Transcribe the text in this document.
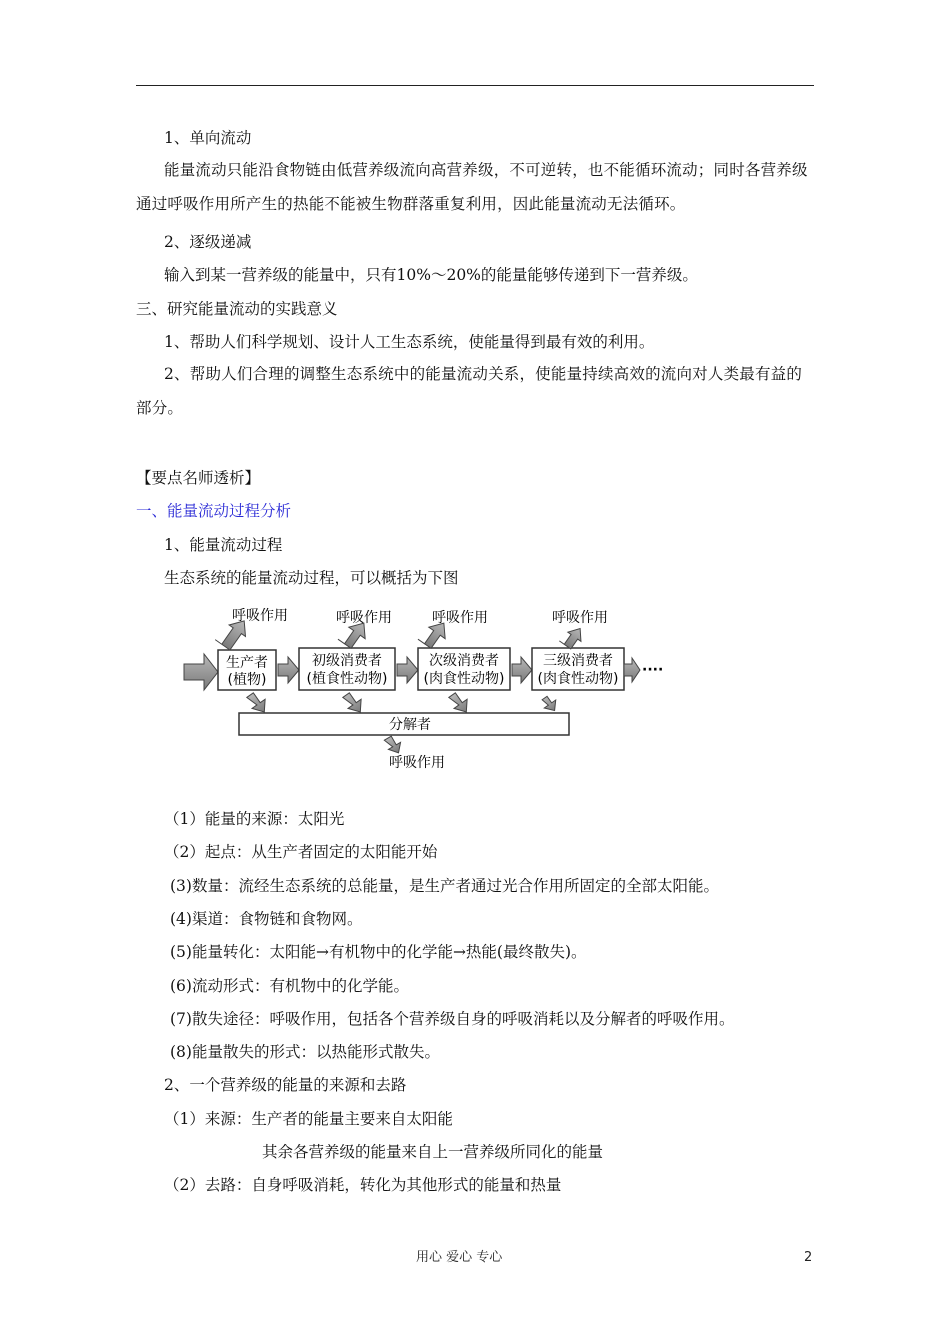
1、单向流动
能量流动只能沿食物链由低营养级流向高营养级，不可逆转，也不能循环流动；同时各营养级通过呼吸作用所产生的热能不能被生物群落重复利用，因此能量流动无法循环。
2、逐级递减
输入到某一营养级的能量中，只有10%～20%的能量能够传递到下一营养级。
三、研究能量流动的实践意义
1、帮助人们科学规划、设计人工生态系统，使能量得到最有效的利用。
2、帮助人们合理的调整生态系统中的能量流动关系，使能量持续高效的流向对人类最有益的部分。
【要点名师透析】
一、能量流动过程分析
1、能量流动过程
生态系统的能量流动过程，可以概括为下图
生产者
(植物)
初级消费者
(植食性动物)
次级消费者
(肉食性动物)
三级消费者
(肉食性动物)
····
呼吸作用	呼吸作用	呼吸作用	呼吸作用
分解者
呼吸作用
（1）能量的来源：太阳光
（2）起点：从生产者固定的太阳能开始
(3)数量：流经生态系统的总能量，是生产者通过光合作用所固定的全部太阳能。
(4)渠道：食物链和食物网。
(5)能量转化：太阳能→有机物中的化学能→热能(最终散失)。
(6)流动形式：有机物中的化学能。
(7)散失途径：呼吸作用，包括各个营养级自身的呼吸消耗以及分解者的呼吸作用。
(8)能量散失的形式：以热能形式散失。
2、一个营养级的能量的来源和去路
（1）来源：生产者的能量主要来自太阳能
其余各营养级的能量来自上一营养级所同化的能量
（2）去路：自身呼吸消耗，转化为其他形式的能量和热量
用心 爱心 专心	2
